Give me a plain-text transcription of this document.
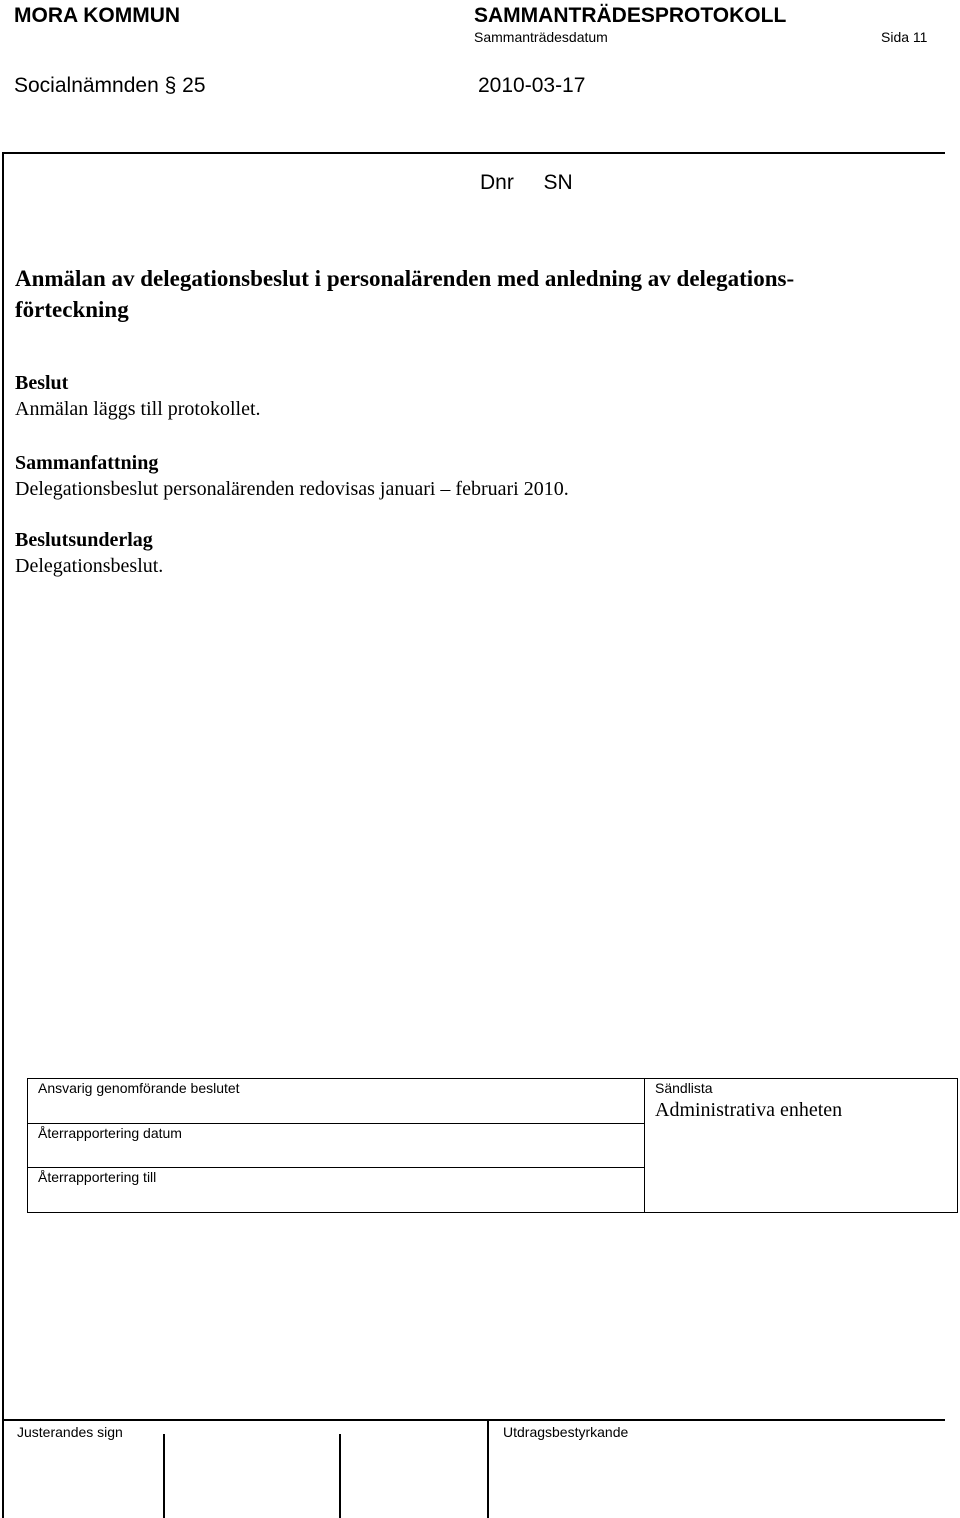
MORA KOMMUN	SAMMANTRÄDESPROTOKOLL
Sammanträdesdatum	Sida 11
Socialnämnden § 25	2010-03-17
Dnr SN
Anmälan av delegationsbeslut i personalärenden med anledning av delegations-
förteckning
Beslut
Anmälan läggs till protokollet.
Sammanfattning
Delegationsbeslut personalärenden redovisas januari – februari 2010.
Beslutsunderlag
Delegationsbeslut.
Ansvarig genomförande beslutet
Återrapportering datum
Återrapportering till
Sändlista
Administrativa enheten
Justerandes sign	Utdragsbestyrkande
